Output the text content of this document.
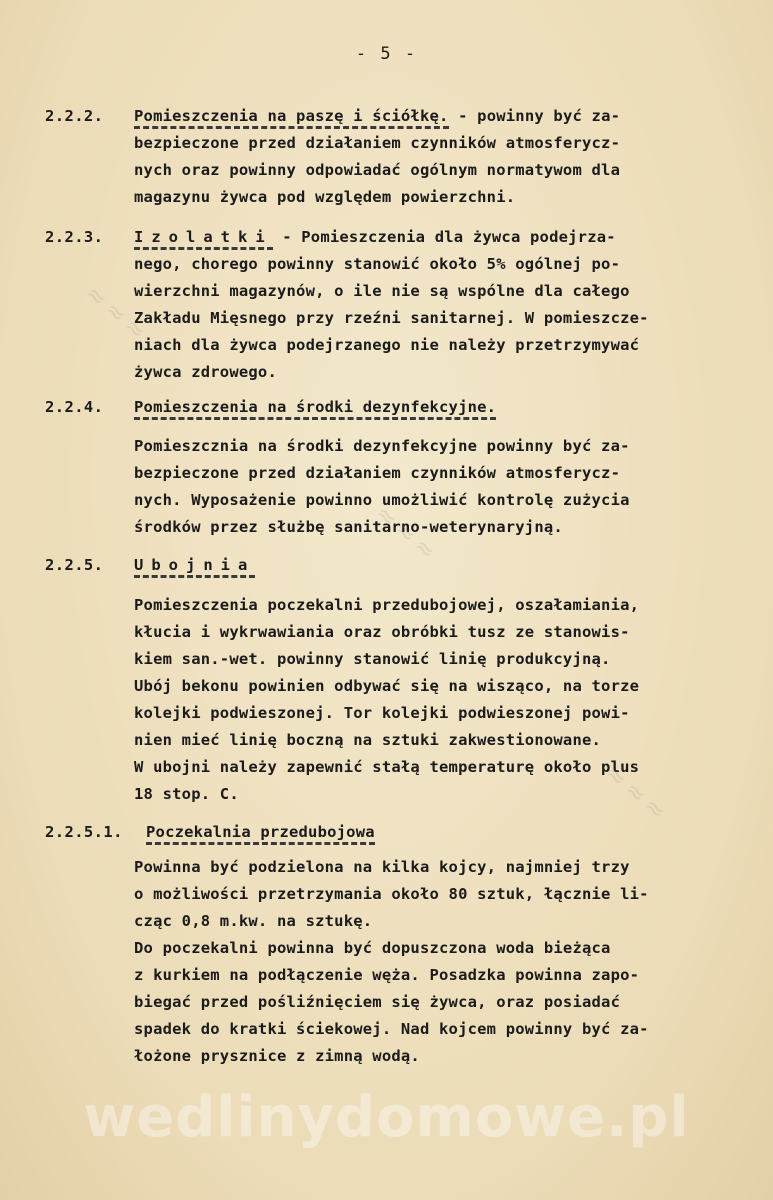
- 5 -
2.2.2. Pomieszczenia na paszę i ściółkę. - powinny być za-
bezpieczone przed działaniem czynników atmosferycz-
nych oraz powinny odpowiadać ogólnym normatywom dla
magazynu żywca pod względem powierzchni.
2.2.3. Izolatki - Pomieszczenia dla żywca podejrza-
nego, chorego powinny stanowić około 5% ogólnej po-
wierzchni magazynów, o ile nie są wspólne dla całego
Zakładu Mięsnego przy rzeźni sanitarnej. W pomieszcze-
niach dla żywca podejrzanego nie należy przetrzymywać
żywca zdrowego.
2.2.4. Pomieszczenia na środki dezynfekcyjne.
Pomieszcznia na środki dezynfekcyjne powinny być za-
bezpieczone przed działaniem czynników atmosferycz-
nych. Wyposażenie powinno umożliwić kontrolę zużycia
środków przez służbę sanitarno-weterynaryjną.
2.2.5. Ubojnia
Pomieszczenia poczekalni przedubojowej, oszałamiania,
kłucia i wykrwawiania oraz obróbki tusz ze stanowis-
kiem san.-wet. powinny stanowić linię produkcyjną.
Ubój bekonu powinien odbywać się na wisząco, na torze
kolejki podwieszonej. Tor kolejki podwieszonej powi-
nien mieć linię boczną na sztuki zakwestionowane.
W ubojni należy zapewnić stałą temperaturę około plus
18 stop. C.
2.2.5.1. Poczekalnia przedubojowa
Powinna być podzielona na kilka kojcy, najmniej trzy
o możliwości przetrzymania około 80 sztuk, łącznie li-
cząc 0,8 m.kw. na sztukę.
Do poczekalni powinna być dopuszczona woda bieżąca
z kurkiem na podłączenie węża. Posadzka powinna zapo-
biegać przed pośliźnięciem się żywca, oraz posiadać
spadek do kratki ściekowej. Nad kojcem powinny być za-
łożone prysznice z zimną wodą.
≈≈≈
≈≈≈
≈≈≈
wedlinydomowe.pl
